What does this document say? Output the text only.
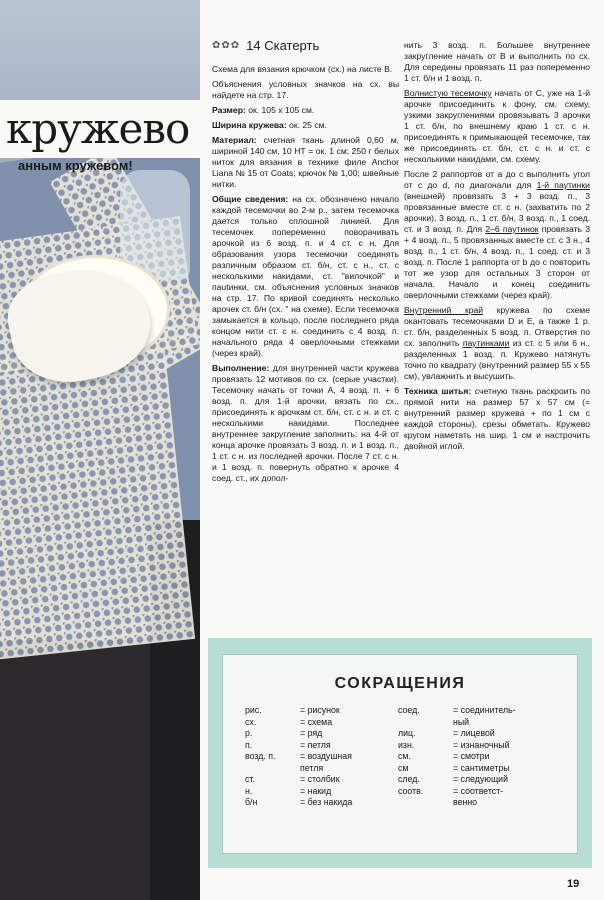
кружево
анным кружевом!
✿✿✿ 14 Скатерть

Схема для вязания крючком (сх.) на листе В.

Объяснения условных значков на сх. вы найдете на стр. 17.

Размер: ок. 105 x 105 см.

Ширина кружева: ок. 25 см.

Материал: счетная ткань длиной 0,60 м, шириной 140 см, 10 НТ = ок. 1 см; 250 г белых ниток для вязания в технике филе Anchor Liana № 15 от Coats; крючок № 1,00; швейные нитки.

Общие сведения: на сх. обозначено начало каждой тесемочки во 2-м р., затем тесемочка дается только сплошной линией. Для тесемочек попеременно поворачивать арочкой из 6 возд. п. и 4 ст. с н. Для образования узора тесемочки соединять различным образом ст. б/н, ст. с н., ст. с несколькими накидами, ст. "вилочкой" и пautинки, см. объяснения условных значков на стр. 17. По кривой соединять несколько арочек ст. б/н (сх. " на схеме). Если тесемочка замыкается в кольцо, после последнего ряда концом нити ст. с н. соединить с 4 возд. п. начального ряда 4 оверлочными стежками (через край).

Выполнение: для внутренней части кружева провязать 12 мотивов по сх. (серые участки). Тесемочку начать от точки А, 4 возд. п. + 6 возд. п. для 1-й арочки, вязать по сх., присоединять к арочкам ст. б/н, ст. с н. и ст. с несколькими накидами. Последнее внутреннее закругление заполнить: на 4-й от конца арочке провязать 3 возд. п. и 1 возд. п., 1 ст. с н. из последней арочки. После 7 ст. с н. и 1 возд. п. повернуть обратно к арочке 4 соед. ст., их допол-

нить 3 возд. п. Большее внутреннее закругление начать от В и выполнить по сх. Для середины провязать 11 раз попеременно 1 ст. б/н и 1 возд. п.

Волнистую тесемочку начать от С, уже на 1-й арочке присоединить к фону, см. схему, узкими закруглениями провязывать 3 арочки 1 ст. б/н, по внешнему краю 1 ст. с н. присоединять к примыкающей тесемочке, так же присоединять ст. б/н, ст. с н. и ст. с несколькими накидами, см. схему.

После 2 раппортов от а до с выполнить угол от с до d, по диагонали для 1-й паутинки (внешней) провязать 3 + 3 возд. п., 3 провязанные вместе ст. с н. (захватить по 2 арочки), 3 возд. п., 1 ст. б/н, 3 возд. п., 1 соед. ст. и 3 возд. п. Для 2–6 паутинок провязать 3 + 4 возд. п., 5 провязанных вместе ст. с 3 н., 4 возд. п., 1 ст. б/н, 4 возд. п., 1 соед. ст. и 3 возд. п. После 1 раппорта от b до с повторить тот же узор для остальных 3 сторон от начала. Начало и конец соединить оверлочными стежками (через край).

Внутренний край кружева по схеме окантовать тесемочками D и E, а также 1 р. ст. б/н, разделенных 5 возд. п. Отверстия по сх. заполнить паутинками из ст. с 5 или 6 н., разделенных 1 возд. п. Кружево натянуть точно по квадрату (внутренний размер 55 x 55 см), увлажнить и высушить.

Техника шитья: счетную ткань раскроить по прямой нити на размер 57 x 57 см (= внутренний размер кружева + по 1 см с каждой стороны), срезы обметать. Кружево кругом наметать на шир. 1 см и настрочить двойной иглой.

СОКРАЩЕНИЯ
рис.	= рисунок
сх.	= схема
р.	= ряд
п.	= петля
возд. п.	= воздушная
петля
ст.	= столбик
н.	= накид
б/н	= без накида
соед.	= соединитель-
ный
лиц.	= лицевой
изн.	= изнаночный
см.	= смотри
см	= сантиметры
след.	= следующий
соотв.	= соответст-
венно
19
